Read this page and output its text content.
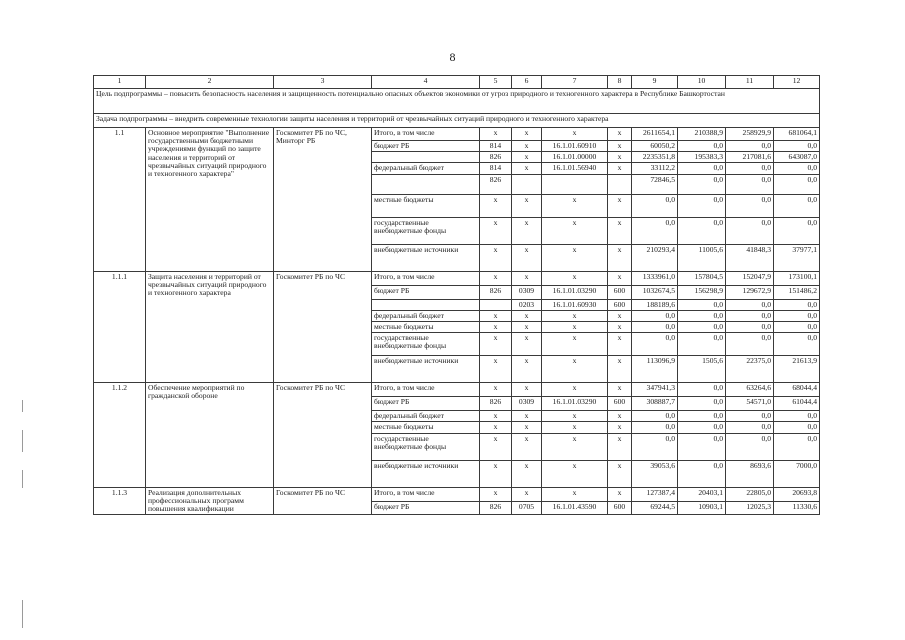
8
1	2	3	4	5	6	7	8	9	10	11	12
Цель подпрограммы – повысить безопасность населения и защищенность потенциально опасных объектов экономики от угроз природного и техногенного характера в Республике Башкортостан											
Задача подпрограммы – внедрить современные технологии защиты населения и территорий от чрезвычайных ситуаций природного и техногенного характера											
1.1	Основное мероприятие "Выполнение государственными бюджетными учреждениями функций по защите населения и территорий от чрезвычайных ситуаций природного и техногенного характера"	Госкомитет РБ по ЧС, Минторг РБ	Итого, в том числе	х	х	х	х	2611654,1	210388,9	258929,9	681064,1
			бюджет РБ	814	х	16.1.01.60910	х	60050,2	0,0	0,0	0,0
				826	х	16.1.01.00000	х	2235351,8	195383,3	217081,6	643087,0
			федеральный бюджет	814	х	16.1.01.56940	х	33112,2	0,0	0,0	0,0
				826				72846,5	0,0	0,0	0,0
			местные бюджеты	х	х	х	х	0,0	0,0	0,0	0,0
			государственные внебюджетные фонды	х	х	х	х	0,0	0,0	0,0	0,0
			внебюджетные источники	х	х	х	х	210293,4	11005,6	41848,3	37977,1
1.1.1	Защита населения и территорий от чрезвычайных ситуаций природного и техногенного характера	Госкомитет РБ по ЧС	Итого, в том числе	х	х	х	х	1333961,0	157804,5	152047,9	173100,1
			бюджет РБ	826	0309	16.1.01.03290	600	1032674,5	156298,9	129672,9	151486,2
					0203	16.1.01.60930	600	188189,6	0,0	0,0	0,0
			федеральный бюджет	х	х	х	х	0,0	0,0	0,0	0,0
			местные бюджеты	х	х	х	х	0,0	0,0	0,0	0,0
			государственные внебюджетные фонды	х	х	х	х	0,0	0,0	0,0	0,0
			внебюджетные источники	х	х	х	х	113096,9	1505,6	22375,0	21613,9
1.1.2	Обеспечение мероприятий по гражданской обороне	Госкомитет РБ по ЧС	Итого, в том числе	х	х	х	х	347941,3	0,0	63264,6	68044,4
			бюджет РБ	826	0309	16.1.01.03290	600	308887,7	0,0	54571,0	61044,4
			федеральный бюджет	х	х	х	х	0,0	0,0	0,0	0,0
			местные бюджеты	х	х	х	х	0,0	0,0	0,0	0,0
			государственные внебюджетные фонды	х	х	х	х	0,0	0,0	0,0	0,0
			внебюджетные источники	х	х	х	х	39053,6	0,0	8693,6	7000,0
1.1.3	Реализация дополнительных профессиональных программ повышения квалификации	Госкомитет РБ по ЧС	Итого, в том числе	х	х	х	х	127387,4	20403,1	22805,0	20693,8
			бюджет РБ	826	0705	16.1.01.43590	600	69244,5	10903,1	12025,3	11330,6
